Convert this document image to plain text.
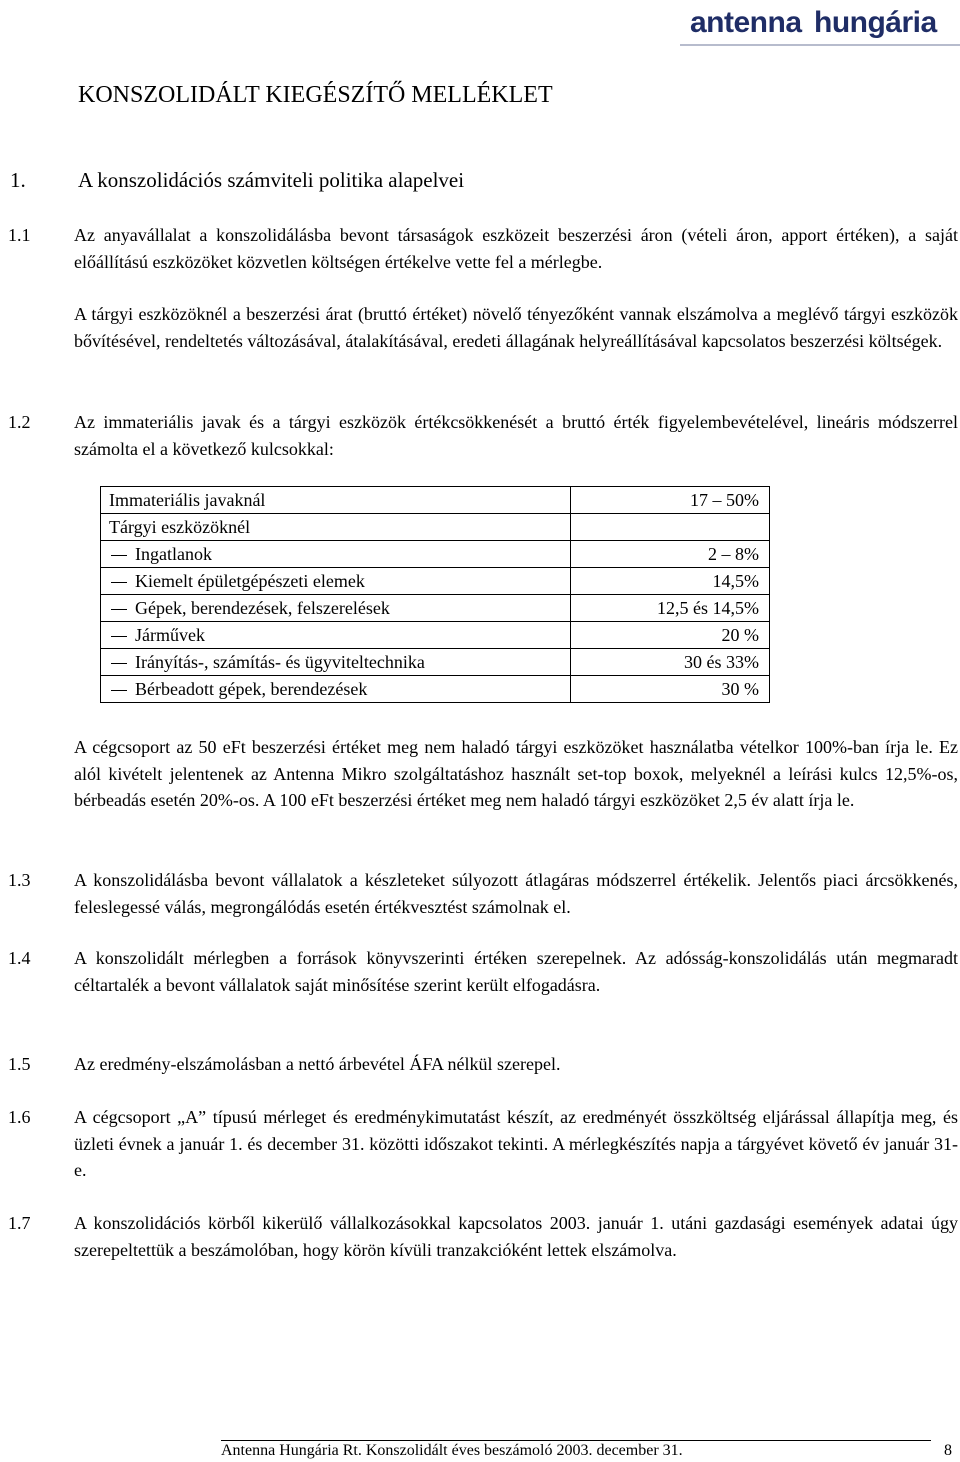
antenna hungária
KONSZOLIDÁLT KIEGÉSZÍTŐ MELLÉKLET
1. A konszolidációs számviteli politika alapelvei
1.1 Az anyavállalat a konszolidálásba bevont társaságok eszközeit beszerzési áron (vételi áron, apport értéken), a saját előállítású eszközöket közvetlen költségen értékelve vette fel a mérlegbe.

A tárgyi eszközöknél a beszerzési árat (bruttó értéket) növelő tényezőként vannak elszámolva a meglévő tárgyi eszközök bővítésével, rendeltetés változásával, átalakításával, eredeti állagának helyreállításával kapcsolatos beszerzési költségek.

1.2 Az immateriális javak és a tárgyi eszközök értékcsökkenését a bruttó érték figyelembevételével, lineáris módszerrel számolta el a következő kulcsokkal:

A cégcsoport az 50 eFt beszerzési értéket meg nem haladó tárgyi eszközöket használatba vételkor 100%-ban írja le. Ez alól kivételt jelentenek az Antenna Mikro szolgáltatáshoz használt set-top boxok, melyeknél a leírási kulcs 12,5%-os, bérbeadás esetén 20%-os. A 100 eFt beszerzési értéket meg nem haladó tárgyi eszközöket 2,5 év alatt írja le.

Immateriális javaknál	17 – 50%
Tárgyi eszközöknél	
Ingatlanok	2 – 8%
Kiemelt épületgépészeti elemek	14,5%
Gépek, berendezések, felszerelések	12,5 és 14,5%
Járművek	20 %
Irányítás-, számítás- és ügyviteltechnika	30 és 33%
Bérbeadott gépek, berendezések	30 %
1.3 A konszolidálásba bevont vállalatok a készleteket súlyozott átlagáras módszerrel értékelik. Jelentős piaci árcsökkenés, feleslegessé válás, megrongálódás esetén értékvesztést számolnak el.

1.4 A konszolidált mérlegben a források könyvszerinti értéken szerepelnek. Az adósság-konszolidálás után megmaradt céltartalék a bevont vállalatok saját minősítése szerint került elfogadásra.

1.5 Az eredmény-elszámolásban a nettó árbevétel ÁFA nélkül szerepel.

1.6 A cégcsoport „A” típusú mérleget és eredménykimutatást készít, az eredményét összköltség eljárással állapítja meg, és üzleti évnek a január 1. és december 31. közötti időszakot tekinti. A mérlegkészítés napja a tárgyévet követő év január 31-e.

1.7 A konszolidációs körből kikerülő vállalkozásokkal kapcsolatos 2003. január 1. utáni gazdasági események adatai úgy szerepeltettük a beszámolóban, hogy körön kívüli tranzakcióként lettek elszámolva.

Antenna Hungária Rt. Konszolidált éves beszámoló 2003. december 31.	8
